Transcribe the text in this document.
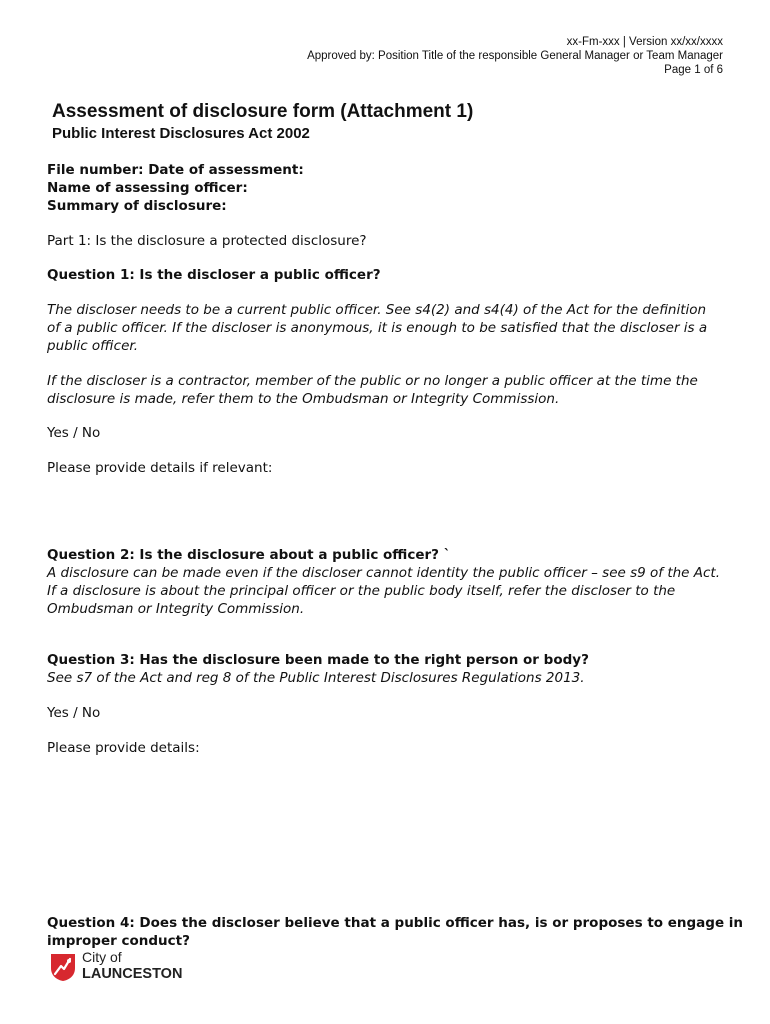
xx-Fm-xxx | Version xx/xx/xxxx
Approved by: Position Title of the responsible General Manager or Team Manager
Page 1 of 6
Assessment of disclosure form (Attachment 1)
Public Interest Disclosures Act 2002
File number: Date of assessment:
Name of assessing officer:
Summary of disclosure:
Part 1: Is the disclosure a protected disclosure?
Question 1: Is the discloser a public officer?
The discloser needs to be a current public officer. See s4(2) and s4(4) of the Act for the definition
of a public officer. If the discloser is anonymous, it is enough to be satisfied that the discloser is a
public officer.
If the discloser is a contractor, member of the public or no longer a public officer at the time the
disclosure is made, refer them to the Ombudsman or Integrity Commission.
Yes / No
Please provide details if relevant:
Question 2: Is the disclosure about a public officer? `
A disclosure can be made even if the discloser cannot identity the public officer – see s9 of the Act.
If a disclosure is about the principal officer or the public body itself, refer the discloser to the
Ombudsman or Integrity Commission.
Question 3: Has the disclosure been made to the right person or body?
See s7 of the Act and reg 8 of the Public Interest Disclosures Regulations 2013.
Yes / No
Please provide details:
Question 4: Does the discloser believe that a public officer has, is or proposes to engage in
improper conduct?
City of
LAUNCESTON
